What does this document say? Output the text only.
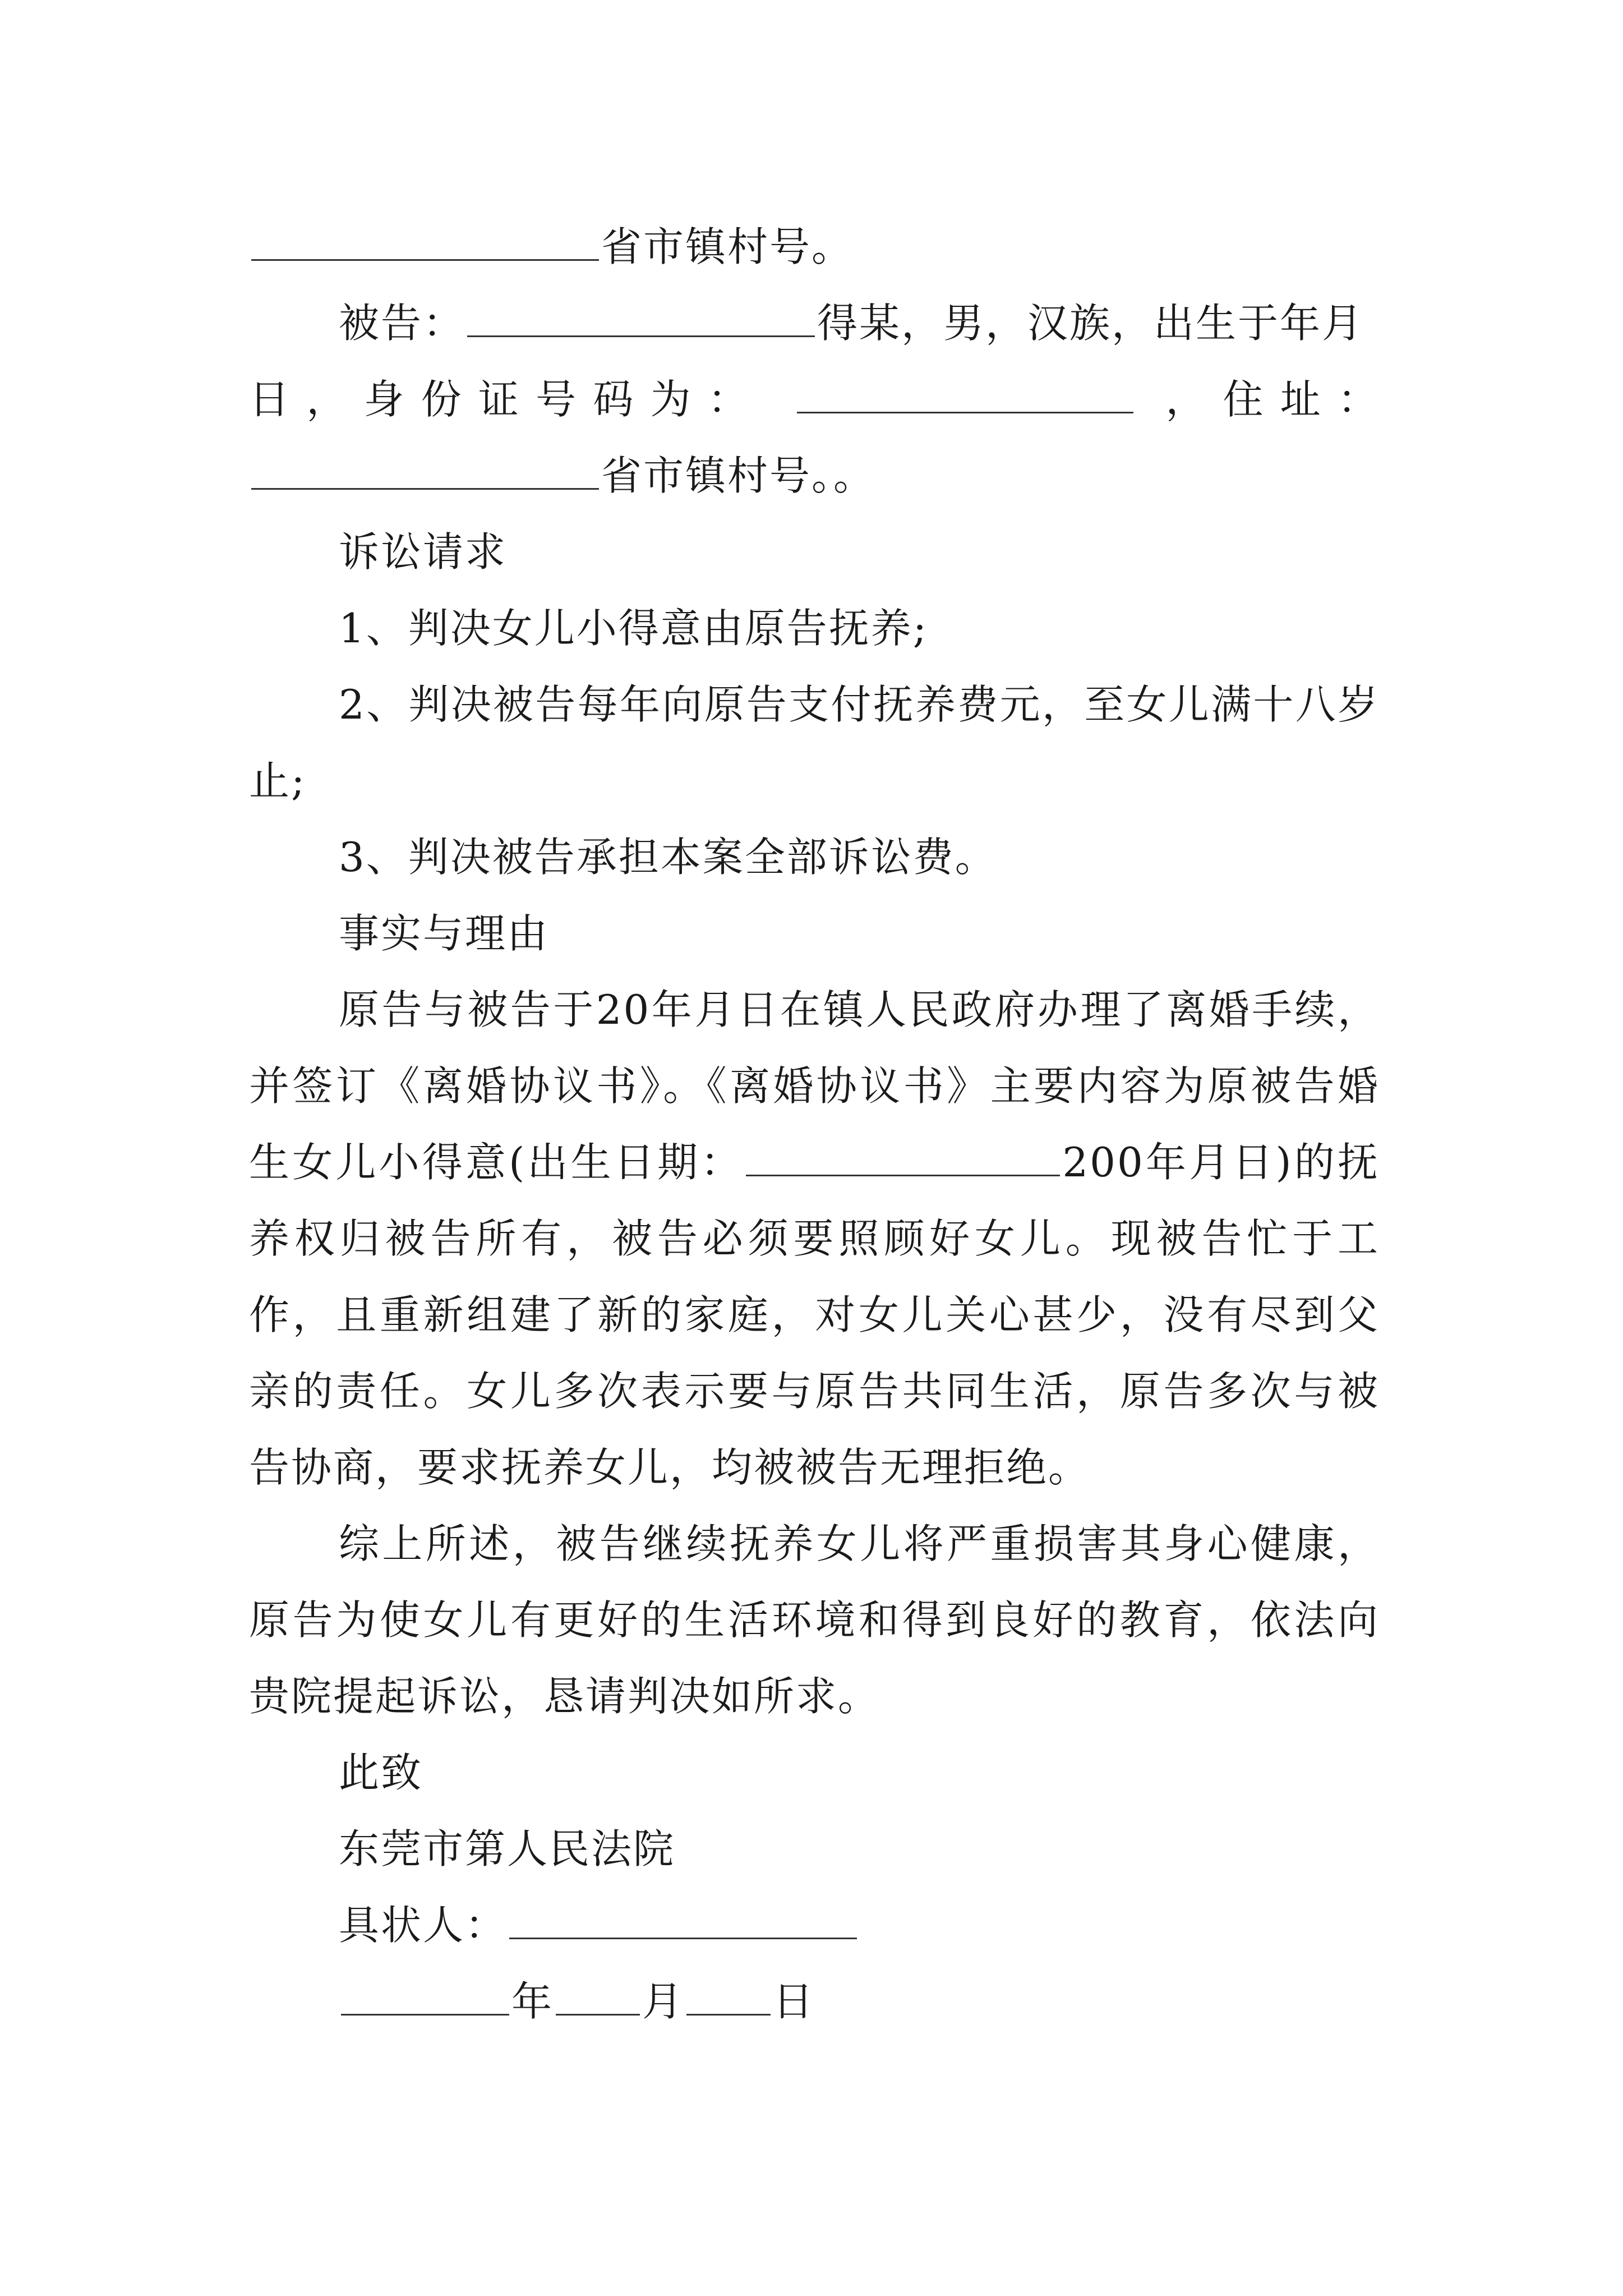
省市镇村号。

被告：	得某，男，汉族，出生于年月

日，身份证号码为：	，住址：

省市镇村号。。

诉讼请求

1、判决女儿小得意由原告抚养;

2、判决被告每年向原告支付抚养费元，至女儿满十八岁止;

3、判决被告承担本案全部诉讼费。

事实与理由

原告与被告于20年月日在镇人民政府办理了离婚手续，并签订《离婚协议书》。《离婚协议书》主要内容为原被告婚生女儿小得意(出生日期：	200年月日)的抚养权归被告所有，被告必须要照顾好女儿。现被告忙于工作，且重新组建了新的家庭，对女儿关心甚少，没有尽到父亲的责任。女儿多次表示要与原告共同生活，原告多次与被告协商，要求抚养女儿，均被被告无理拒绝。

综上所述，被告继续抚养女儿将严重损害其身心健康，原告为使女儿有更好的生活环境和得到良好的教育，依法向贵院提起诉讼，恳请判决如所求。

此致

东莞市第人民法院

具状人：

年 月 日
